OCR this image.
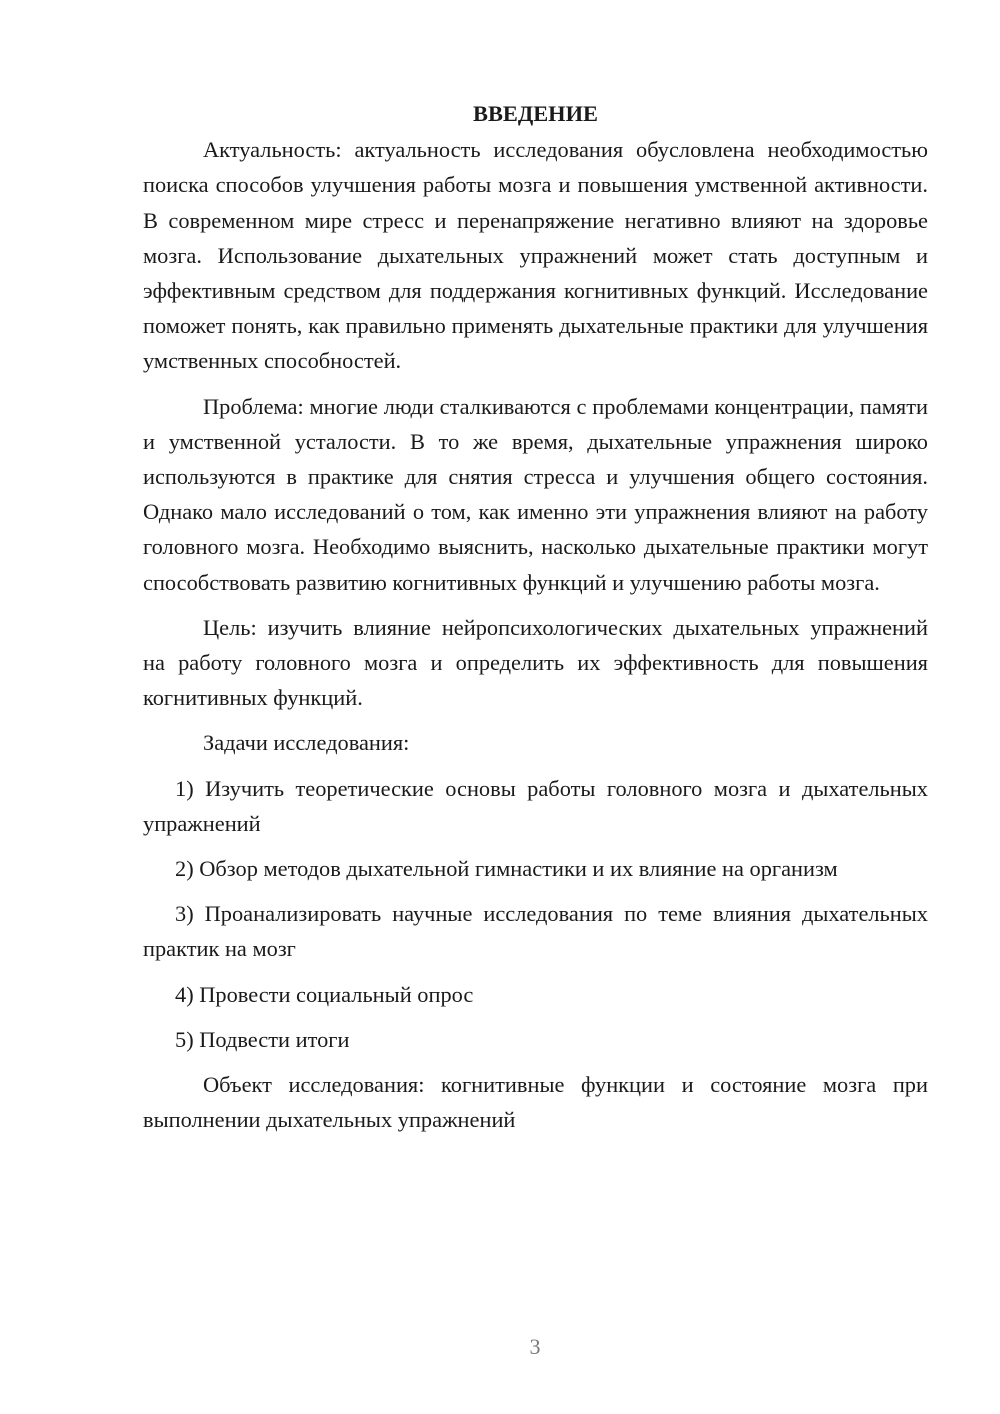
ВВЕДЕНИЕ

Актуальность: актуальность исследования обусловлена необходимостью поиска способов улучшения работы мозга и повышения умственной активности. В современном мире стресс и перенапряжение негативно влияют на здоровье мозга. Использование дыхательных упражнений может стать доступным и эффективным средством для поддержания когнитивных функций. Исследование поможет понять, как правильно применять дыхательные практики для улучшения умственных способностей.

Проблема: многие люди сталкиваются с проблемами концентрации, памяти и умственной усталости. В то же время, дыхательные упражнения широко используются в практике для снятия стресса и улучшения общего состояния. Однако мало исследований о том, как именно эти упражнения влияют на работу головного мозга. Необходимо выяснить, насколько дыхательные практики могут способствовать развитию когнитивных функций и улучшению работы мозга.

Цель: изучить влияние нейропсихологических дыхательных упражнений на работу головного мозга и определить их эффективность для повышения когнитивных функций.

Задачи исследования:

1) Изучить теоретические основы работы головного мозга и дыхательных упражнений

2) Обзор методов дыхательной гимнастики и их влияние на организм

3) Проанализировать научные исследования по теме влияния дыхательных практик на мозг

4) Провести социальный опрос

5) Подвести итоги

Объект исследования: когнитивные функции и состояние мозга при выполнении дыхательных упражнений

3
